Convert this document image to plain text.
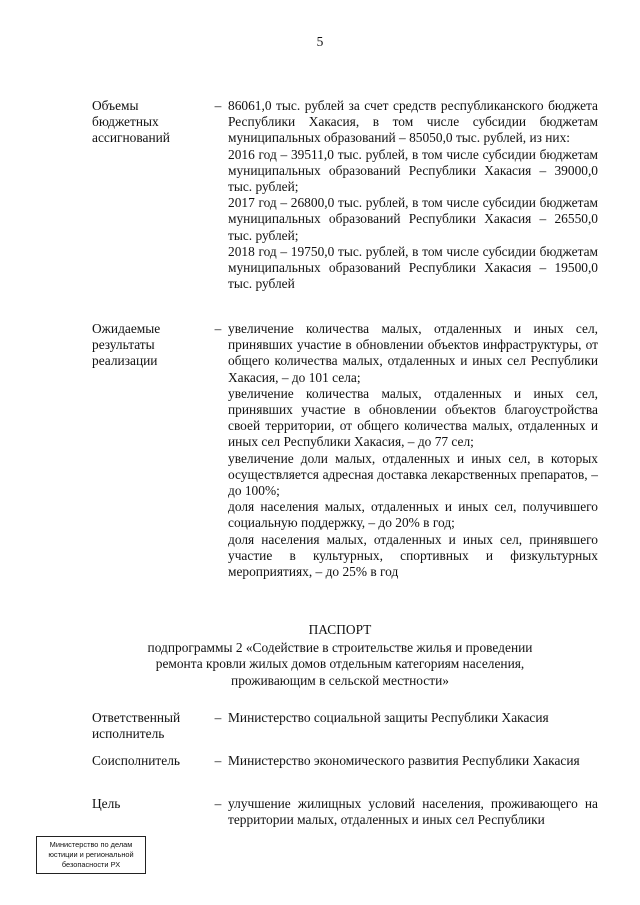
5
Объемы бюджетных ассигнований
– 86061,0 тыс. рублей за счет средств республиканского бюджета Республики Хакасия, в том числе субсидии бюджетам муниципальных образований – 85050,0 тыс. рублей, из них:

2016 год – 39511,0 тыс. рублей, в том числе субсидии бюджетам муниципальных образований Республики Хакасия – 39000,0 тыс. рублей;

2017 год – 26800,0 тыс. рублей, в том числе субсидии бюджетам муниципальных образований Республики Хакасия – 26550,0 тыс. рублей;

2018 год – 19750,0 тыс. рублей, в том числе субсидии бюджетам муниципальных образований Республики Хакасия – 19500,0 тыс. рублей

Ожидаемые результаты реализации
– увеличение количества малых, отдаленных и иных сел, принявших участие в обновлении объектов инфраструктуры, от общего количества малых, отдаленных и иных сел Республики Хакасия, – до 101 села;

увеличение количества малых, отдаленных и иных сел, принявших участие в обновлении объектов благоустройства своей территории, от общего количества малых, отдаленных и иных сел Республики Хакасия, – до 77 сел;

увеличение доли малых, отдаленных и иных сел, в которых осуществляется адресная доставка лекарственных препаратов, – до 100%;

доля населения малых, отдаленных и иных сел, получившего социальную поддержку, – до 20% в год;

доля населения малых, отдаленных и иных сел, принявшего участие в культурных, спортивных и физкультурных мероприятиях, – до 25% в год

ПАСПОРТ

подпрограммы 2 «Содействие в строительстве жилья и проведении

ремонта кровли жилых домов отдельным категориям населения,

проживающим в сельской местности»

Ответственный исполнитель
– Министерство социальной защиты Республики Хакасия

Соисполнитель	– Министерство экономического развития Республики Хакасия

Цель	– улучшение жилищных условий населения, проживающего на территории малых, отдаленных и иных сел Республики

Министерство по делам
юстиции и региональной
безопасности РХ
